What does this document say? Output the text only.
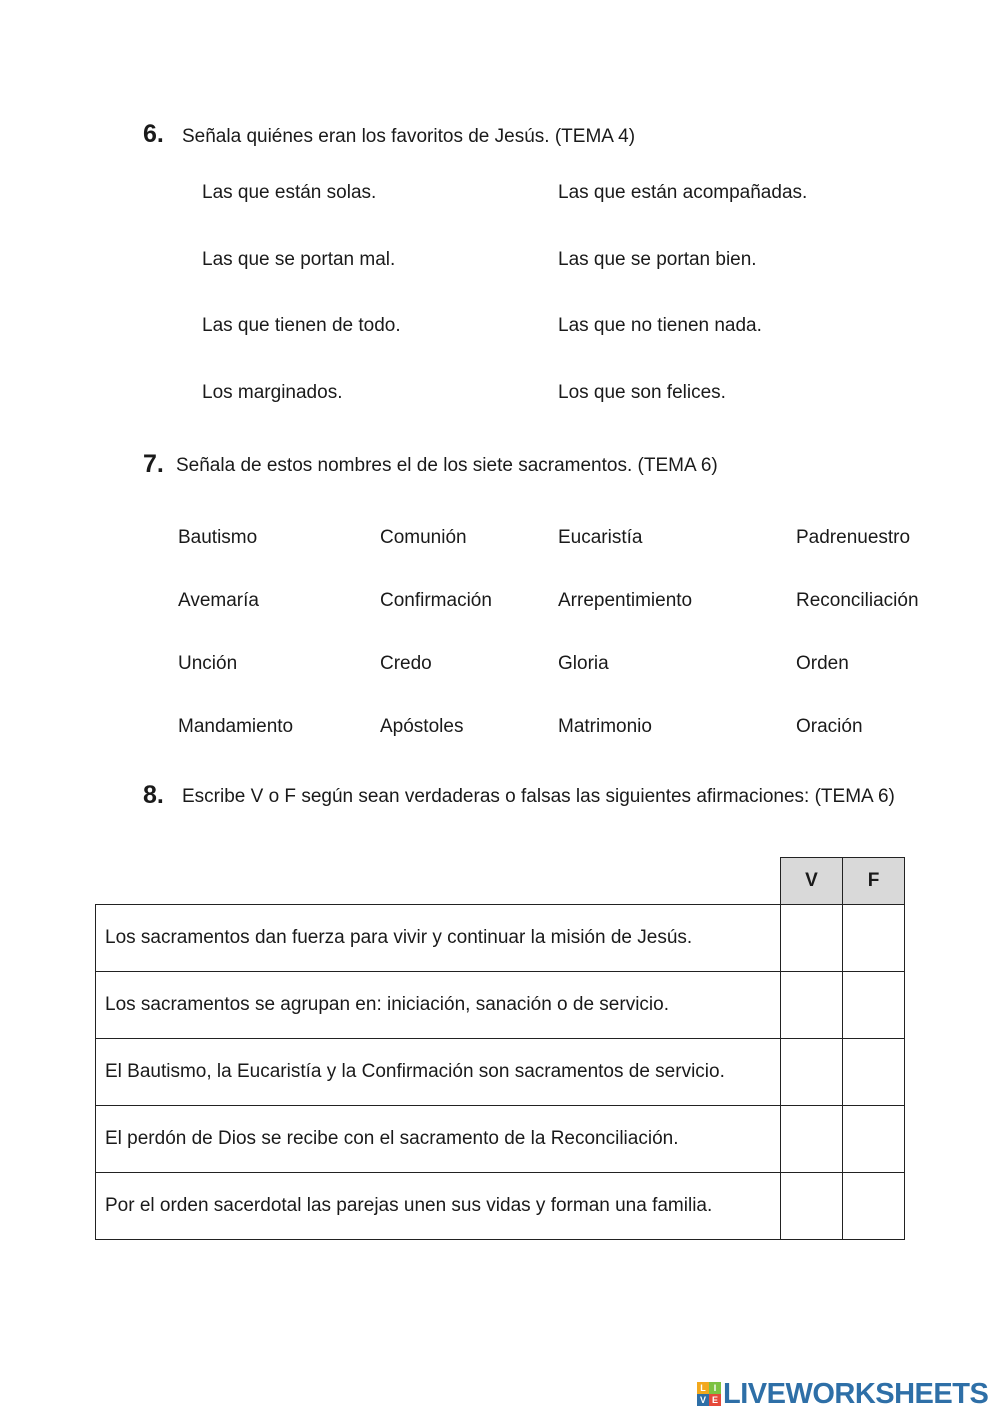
6. Señala quiénes eran los favoritos de Jesús. (TEMA 4)
Las que están solas.	Las que están acompañadas.
Las que se portan mal.	Las que se portan bien.
Las que tienen de todo.	Las que no tienen nada.
Los marginados.	Los que son felices.
7. Señala de estos nombres el de los siete sacramentos. (TEMA 6)
Bautismo	Comunión	Eucaristía	Padrenuestro
Avemaría	Confirmación	Arrepentimiento	Reconciliación
Unción	Credo	Gloria	Orden
Mandamiento	Apóstoles	Matrimonio	Oración
8. Escribe V o F según sean verdaderas o falsas las siguientes afirmaciones: (TEMA 6)
	V	F
Los sacramentos dan fuerza para vivir y continuar la misión de Jesús.		
Los sacramentos se agrupan en: iniciación, sanación o de servicio.		
El Bautismo, la Eucaristía y la Confirmación son sacramentos de servicio.		
El perdón de Dios se recibe con el sacramento de la Reconciliación.		
Por el orden sacerdotal las parejas unen sus vidas y forman una familia.		
L I
V E LIVEWORKSHEETS
